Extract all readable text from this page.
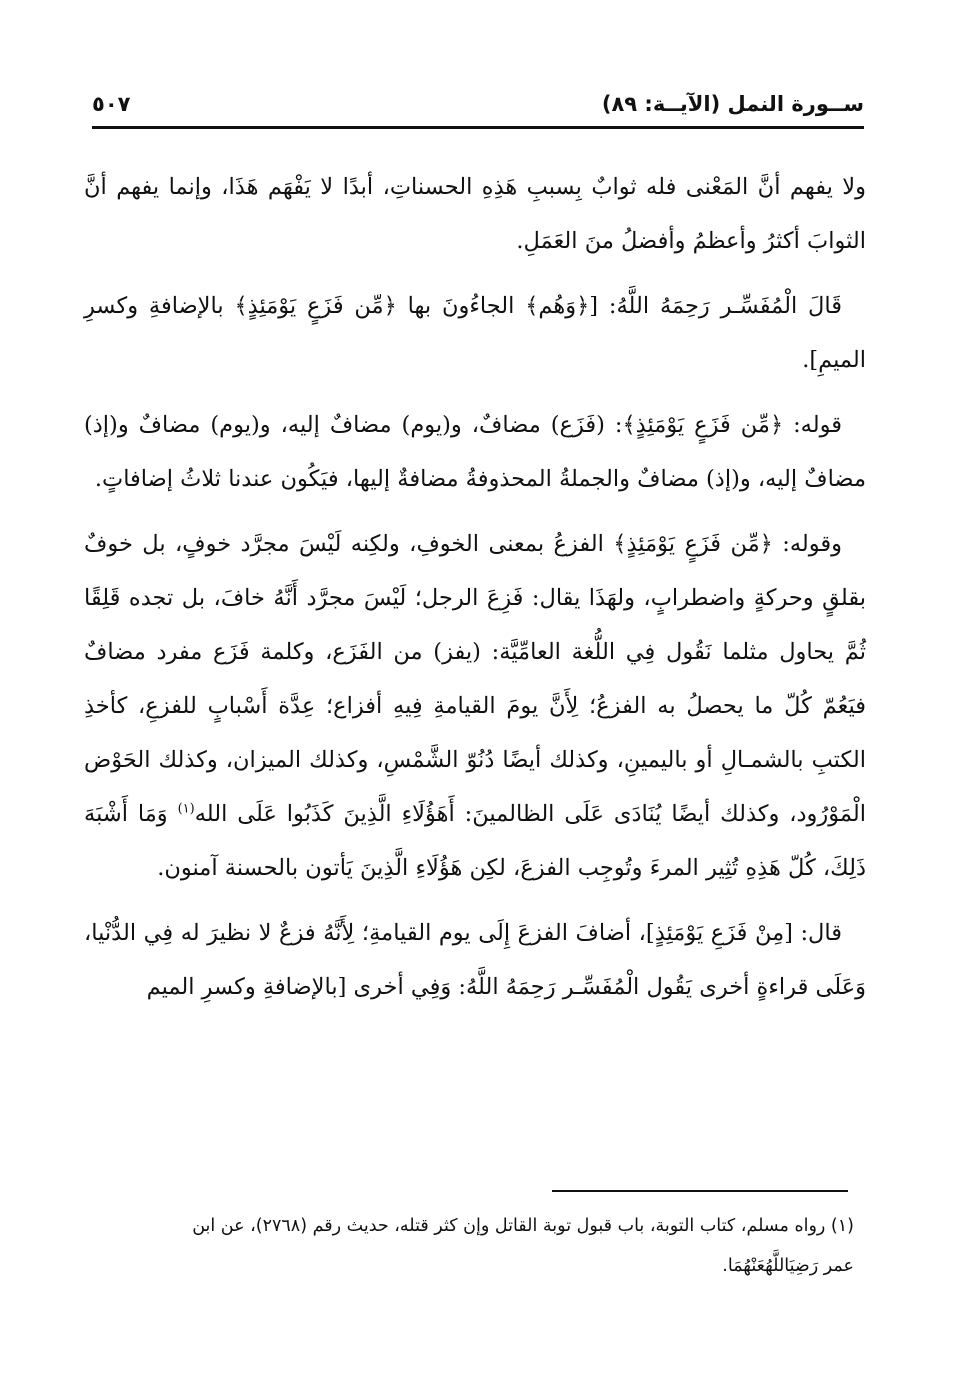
ســورة النمل (الآيــة: ٨٩)
٥٠٧

ولا يفهم أنَّ المَعْنى فله ثوابٌ بِسببِ هَذِهِ الحسناتِ، أبدًا لا يَفْهَم هَذَا، وإنما يفهم أنَّ الثوابَ أكثرُ وأعظمُ وأفضلُ منَ العَمَلِ.

قَالَ الْمُفَسِّـر رَحِمَهُ اللَّهُ: [﴿وَهُم﴾ الجاءُونَ بها ﴿مِّن فَزَعٍ يَوْمَئِذٍ﴾ بالإضافةِ وكسرِ الميمِ].

قوله: ﴿مِّن فَزَعٍ يَوْمَئِذٍ﴾: (فَزَع) مضافٌ، و(يوم) مضافٌ إليه، و(يوم) مضافٌ و(إذ) مضافٌ إليه، و(إذ) مضافٌ والجملةُ المحذوفةُ مضافةٌ إليها، فيَكُون عندنا ثلاثُ إضافاتٍ.

وقوله: ﴿مِّن فَزَعٍ يَوْمَئِذٍ﴾ الفزعُ بمعنى الخوفِ، ولكِنه لَيْسَ مجرَّد خوفٍ، بل خوفٌ بقلقٍ وحركةٍ واضطرابٍ، ولهَذَا يقال: فَزِعَ الرجل؛ لَيْسَ مجرَّد أَنَّهُ خافَ، بل تجده قَلِقًا ثُمَّ يحاول مثلما نَقُول فِي اللُّغة العامِّيَّة: (يفز) من الفَزَع، وكلمة فَزَع مفرد مضافٌ فيَعُمّ كُلّ ما يحصلُ به الفزعُ؛ لِأَنَّ يومَ القيامةِ فِيهِ أفزاع؛ عِدَّة أَسْبابٍ للفزعِ، كأخذِ الكتبِ بالشمـالِ أو باليمينِ، وكذلك أيضًا دُنُوّ الشَّمْسِ، وكذلك الميزان، وكذلك الحَوْض الْمَوْرُود، وكذلك أيضًا يُنَادَى عَلَى الظالمينَ: أَهَؤُلَاءِ الَّذِينَ كَذَبُوا عَلَى الله$^{(١)}$ وَمَا أَشْبَهَ ذَلِكَ، كُلّ هَذِهِ تُثِير المرءَ وتُوجِب الفزعَ، لكِن هَؤُلَاءِ الَّذِينَ يَأتون بالحسنة آمنون.

قال: [مِنْ فَزَعِ يَوْمَئِذٍ]، أضافَ الفزعَ إِلَى يوم القيامةِ؛ لِأَنَّهُ فزعٌ لا نظيرَ له فِي الدُّنْيا، وَعَلَى قراءةٍ أخرى يَقُول الْمُفَسِّـر رَحِمَهُ اللَّهُ: وَفِي أخرى [بالإضافةِ وكسرِ الميم

(١) رواه مسلم، كتاب التوبة، باب قبول توبة القاتل وإن كثر قتله، حديث رقم (٢٧٦٨)، عن ابن

عمر رَضِيَاللَّهُعَنْهُمَا.
